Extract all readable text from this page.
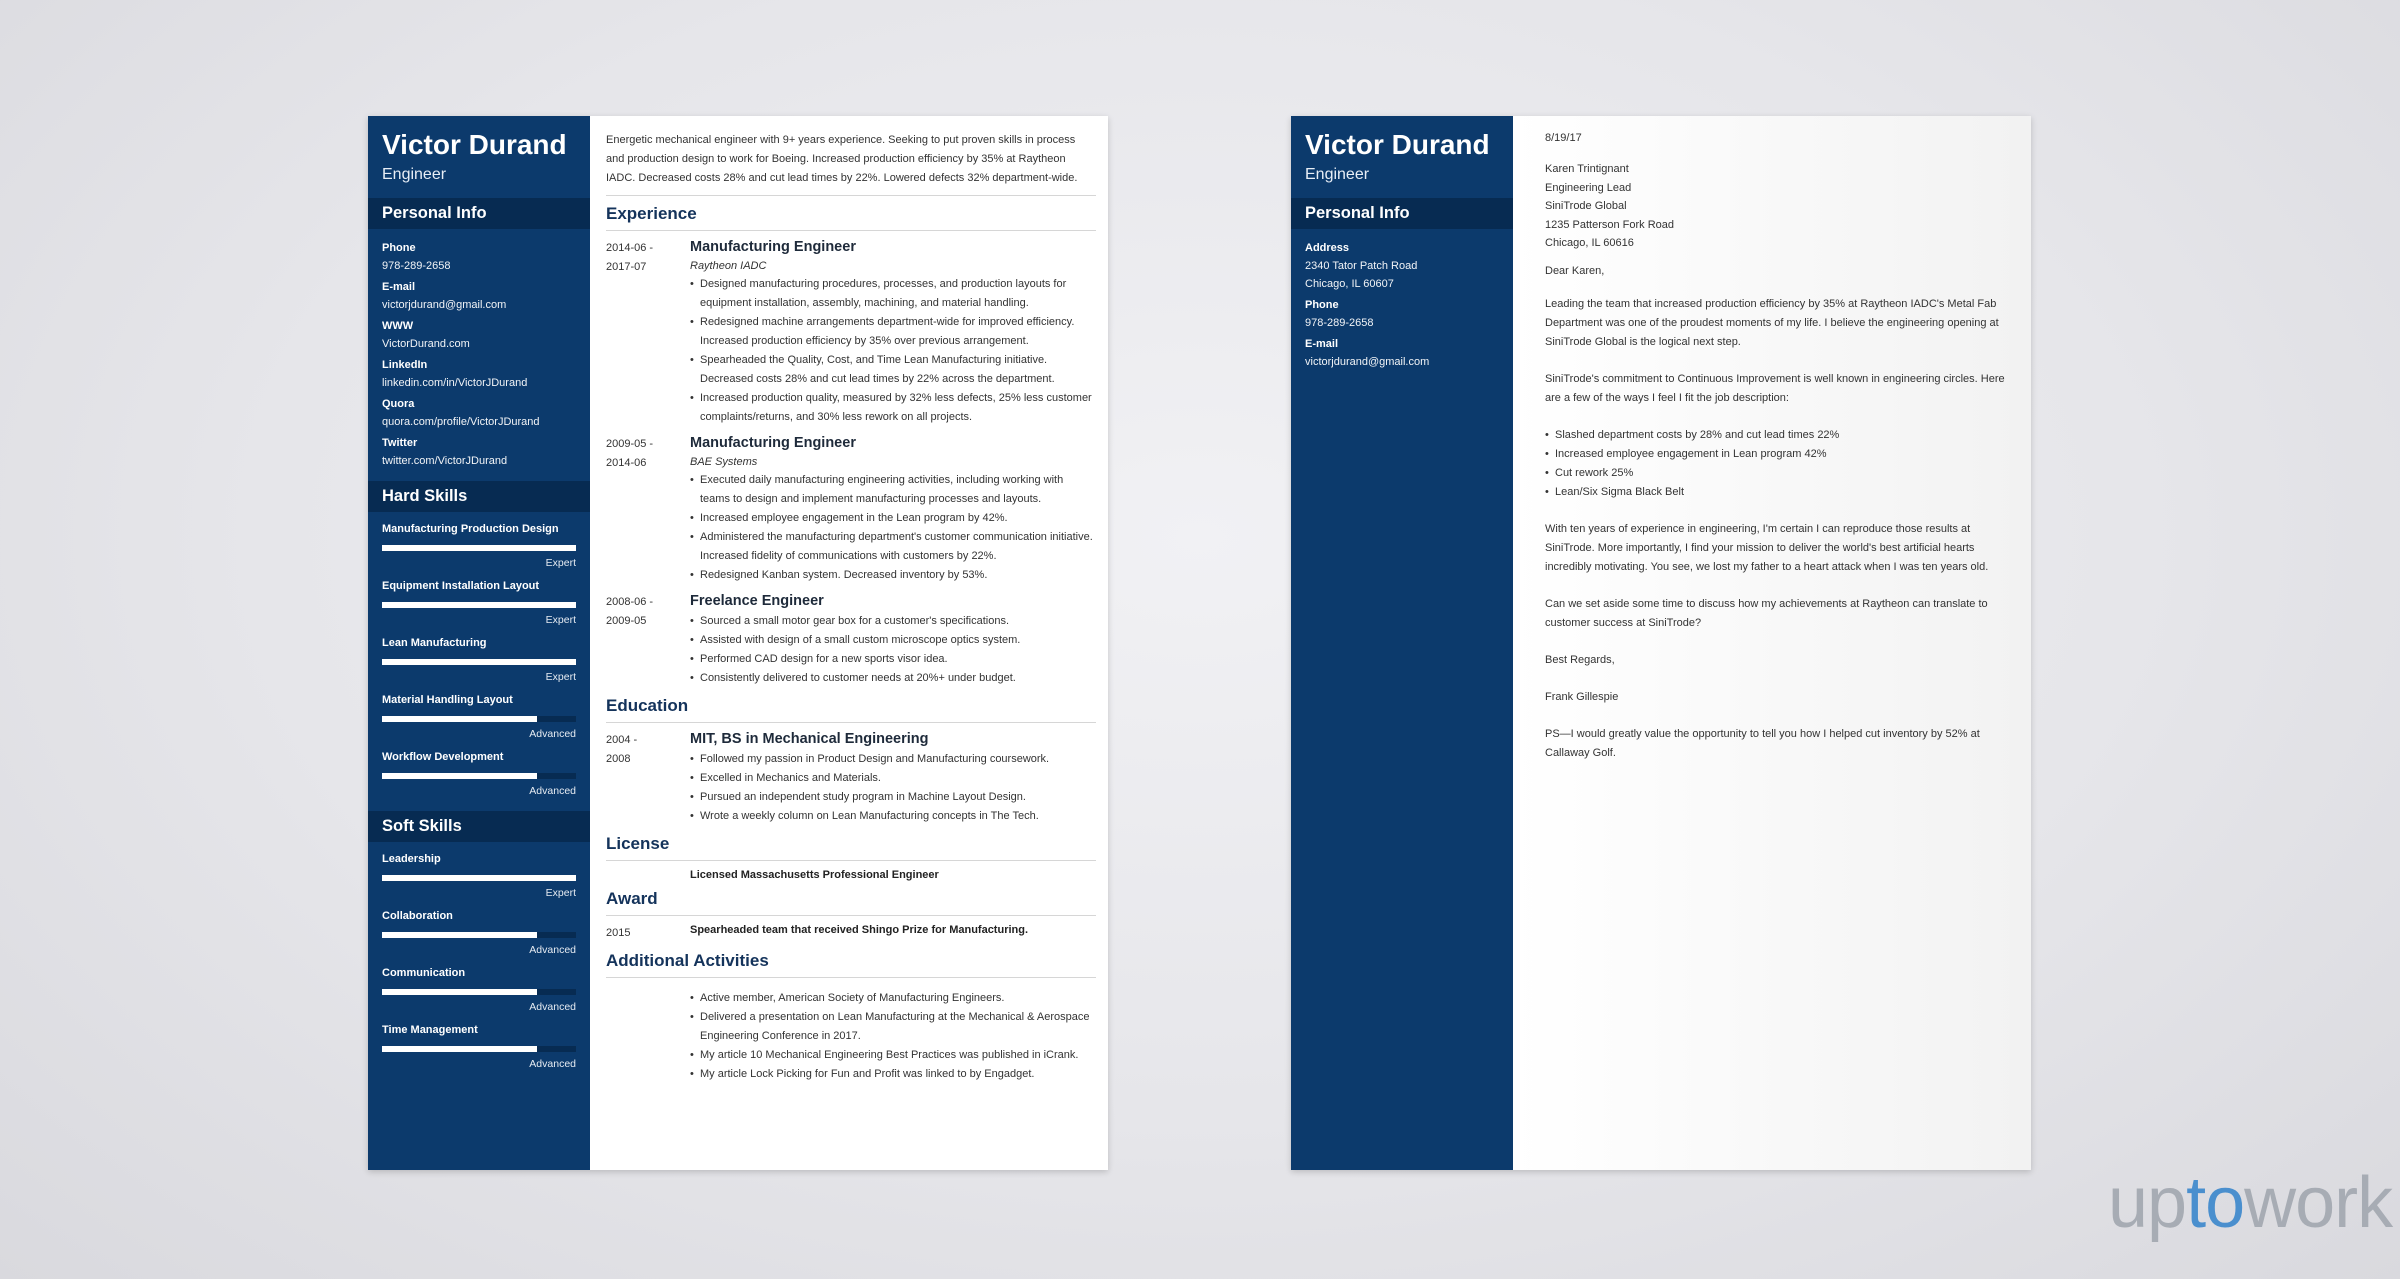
Victor Durand
Engineer
Personal Info
Phone
978-289-2658
E-mail
victorjdurand@gmail.com
WWW
VictorDurand.com
LinkedIn
linkedin.com/in/VictorJDurand
Quora
quora.com/profile/VictorJDurand
Twitter
twitter.com/VictorJDurand
Hard Skills
Manufacturing Production Design
Expert
Equipment Installation Layout
Expert
Lean Manufacturing
Expert
Material Handling Layout
Advanced
Workflow Development
Advanced
Soft Skills
Leadership
Expert
Collaboration
Advanced
Communication
Advanced
Time Management
Advanced
Energetic mechanical engineer with 9+ years experience. Seeking to put proven skills in process and production design to work for Boeing. Increased production efficiency by 35% at Raytheon IADC. Decreased costs 28% and cut lead times by 22%. Lowered defects 32% department-wide.
Experience
2014-06 -
2017-07
Manufacturing Engineer
Raytheon IADC
• Designed manufacturing procedures, processes, and production layouts for equipment installation, assembly, machining, and material handling.
• Redesigned machine arrangements department-wide for improved efficiency. Increased production efficiency by 35% over previous arrangement.
• Spearheaded the Quality, Cost, and Time Lean Manufacturing initiative. Decreased costs 28% and cut lead times by 22% across the department.
• Increased production quality, measured by 32% less defects, 25% less customer complaints/returns, and 30% less rework on all projects.
2009-05 -
2014-06
Manufacturing Engineer
BAE Systems
• Executed daily manufacturing engineering activities, including working with teams to design and implement manufacturing processes and layouts.
• Increased employee engagement in the Lean program by 42%.
• Administered the manufacturing department's customer communication initiative. Increased fidelity of communications with customers by 22%.
• Redesigned Kanban system. Decreased inventory by 53%.
2008-06 -
2009-05
Freelance Engineer
• Sourced a small motor gear box for a customer's specifications.
• Assisted with design of a small custom microscope optics system.
• Performed CAD design for a new sports visor idea.
• Consistently delivered to customer needs at 20%+ under budget.
Education
2004 -
2008
MIT, BS in Mechanical Engineering
• Followed my passion in Product Design and Manufacturing coursework.
• Excelled in Mechanics and Materials.
• Pursued an independent study program in Machine Layout Design.
• Wrote a weekly column on Lean Manufacturing concepts in The Tech.
License
Licensed Massachusetts Professional Engineer
Award
2015	Spearheaded team that received Shingo Prize for Manufacturing.
Additional Activities
• Active member, American Society of Manufacturing Engineers.
• Delivered a presentation on Lean Manufacturing at the Mechanical & Aerospace Engineering Conference in 2017.
• My article 10 Mechanical Engineering Best Practices was published in iCrank.
• My article Lock Picking for Fun and Profit was linked to by Engadget.
Victor Durand
Engineer
Personal Info
Address
2340 Tator Patch Road
Chicago, IL 60607
Phone
978-289-2658
E-mail
victorjdurand@gmail.com
8/19/17
Karen Trintignant
Engineering Lead
SiniTrode Global
1235 Patterson Fork Road
Chicago, IL 60616
Dear Karen,
Leading the team that increased production efficiency by 35% at Raytheon IADC's Metal Fab Department was one of the proudest moments of my life. I believe the engineering opening at SiniTrode Global is the logical next step.
SiniTrode's commitment to Continuous Improvement is well known in engineering circles. Here are a few of the ways I feel I fit the job description:
• Slashed department costs by 28% and cut lead times 22%
• Increased employee engagement in Lean program 42%
• Cut rework 25%
• Lean/Six Sigma Black Belt
With ten years of experience in engineering, I'm certain I can reproduce those results at SiniTrode. More importantly, I find your mission to deliver the world's best artificial hearts incredibly motivating. You see, we lost my father to a heart attack when I was ten years old.
Can we set aside some time to discuss how my achievements at Raytheon can translate to customer success at SiniTrode?
Best Regards,
Frank Gillespie
PS—I would greatly value the opportunity to tell you how I helped cut inventory by 52% at Callaway Golf.
uptowork
